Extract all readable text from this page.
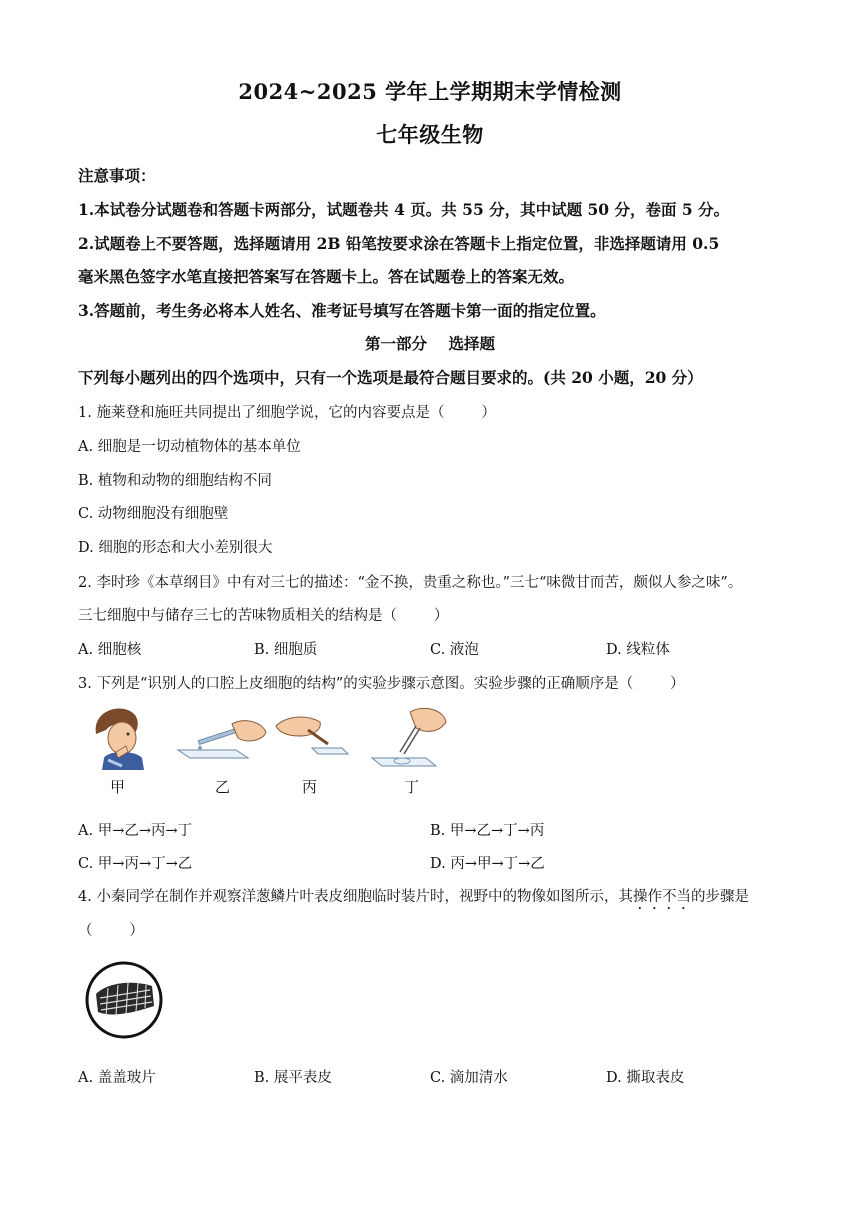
2024~2025 学年上学期期末学情检测
七年级生物
注意事项：
1.本试卷分试题卷和答题卡两部分，试题卷共 4 页。共 55 分，其中试题 50 分，卷面 5 分。
2.试题卷上不要答题，选择题请用 2B 铅笔按要求涂在答题卡上指定位置，非选择题请用 0.5
毫米黑色签字水笔直接把答案写在答题卡上。答在试题卷上的答案无效。
3.答题前，考生务必将本人姓名、准考证号填写在答题卡第一面的指定位置。
第一部分    选择题
下列每小题列出的四个选项中，只有一个选项是最符合题目要求的。(共 20 小题，20 分）
1. 施莱登和施旺共同提出了细胞学说，它的内容要点是（        ）
A. 细胞是一切动植物体的基本单位
B. 植物和动物的细胞结构不同
C. 动物细胞没有细胞壁
D. 细胞的形态和大小差别很大
2. 李时珍《本草纲目》中有对三七的描述：“金不换，贵重之称也。”三七“味微甘而苦，颇似人参之味”。
三七细胞中与储存三七的苦味物质相关的结构是（        ）
A. 细胞核	B. 细胞质	C. 液泡	D. 线粒体
3. 下列是“识别人的口腔上皮细胞的结构”的实验步骤示意图。实验步骤的正确顺序是（        ）
甲	乙	丙	丁
A. 甲→乙→丙→丁	B. 甲→乙→丁→丙
C. 甲→丙→丁→乙	D. 丙→甲→丁→乙
4. 小秦同学在制作并观察洋葱鳞片叶表皮细胞临时装片时，视野中的物像如图所示，其操作不当的步骤是
（        ）
A. 盖盖玻片	B. 展平表皮	C. 滴加清水	D. 撕取表皮
